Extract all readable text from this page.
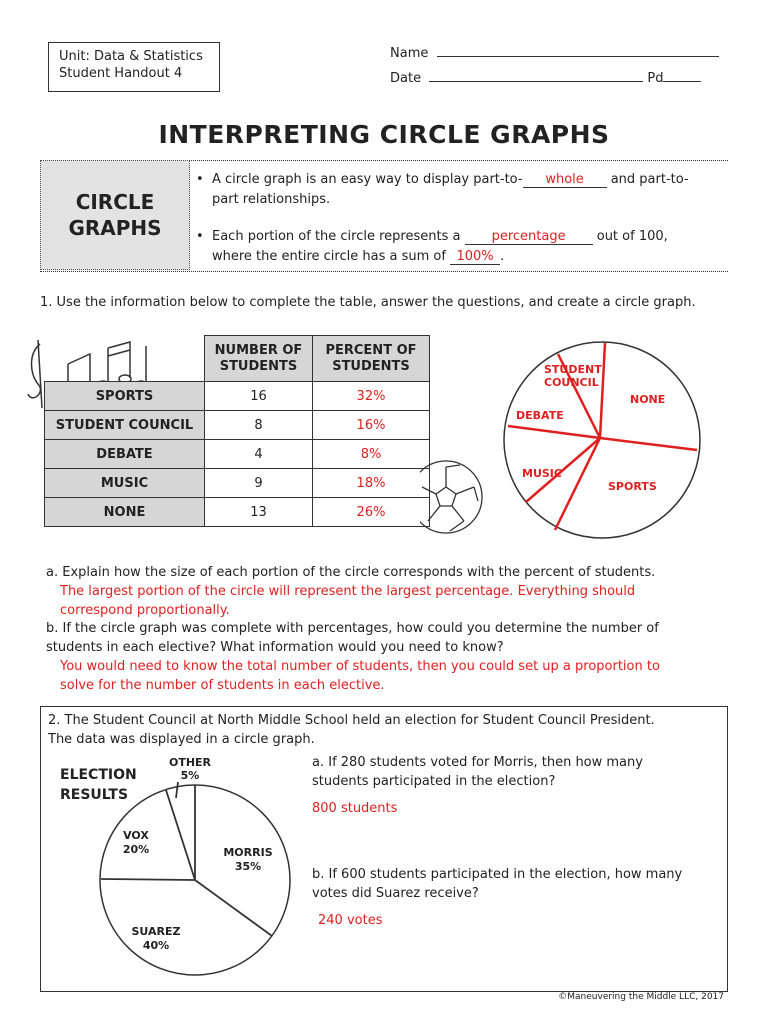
Unit: Data & Statistics
Student Handout 4
Name
Date	Pd
INTERPRETING CIRCLE GRAPHS
CIRCLE
GRAPHS
• A circle graph is an easy way to display part-to- whole and part-to-
part relationships.
• Each portion of the circle represents a percentage out of 100,
where the entire circle has a sum of 100% .
1. Use the information below to complete the table, answer the questions, and create a circle graph.
	NUMBER OF STUDENTS	PERCENT OF STUDENTS
SPORTS	16	32%
STUDENT COUNCIL	8	16%
DEBATE	4	8%
MUSIC	9	18%
NONE	13	26%
STUDENT
COUNCIL
NONE
DEBATE
MUSIC
SPORTS
a. Explain how the size of each portion of the circle corresponds with the percent of students.
The largest portion of the circle will represent the largest percentage. Everything should
correspond proportionally.
b. If the circle graph was complete with percentages, how could you determine the number of
students in each elective? What information would you need to know?
You would need to know the total number of students, then you could set up a proportion to
solve for the number of students in each elective.
2. The Student Council at North Middle School held an election for Student Council President.
The data was displayed in a circle graph.
ELECTION
RESULTS
OTHER
5%
MORRIS
35%
SUAREZ
40%
VOX
20%
a. If 280 students voted for Morris, then how many
students participated in the election?
800 students
b. If 600 students participated in the election, how many
votes did Suarez receive?
240 votes
©Maneuvering the Middle LLC, 2017
